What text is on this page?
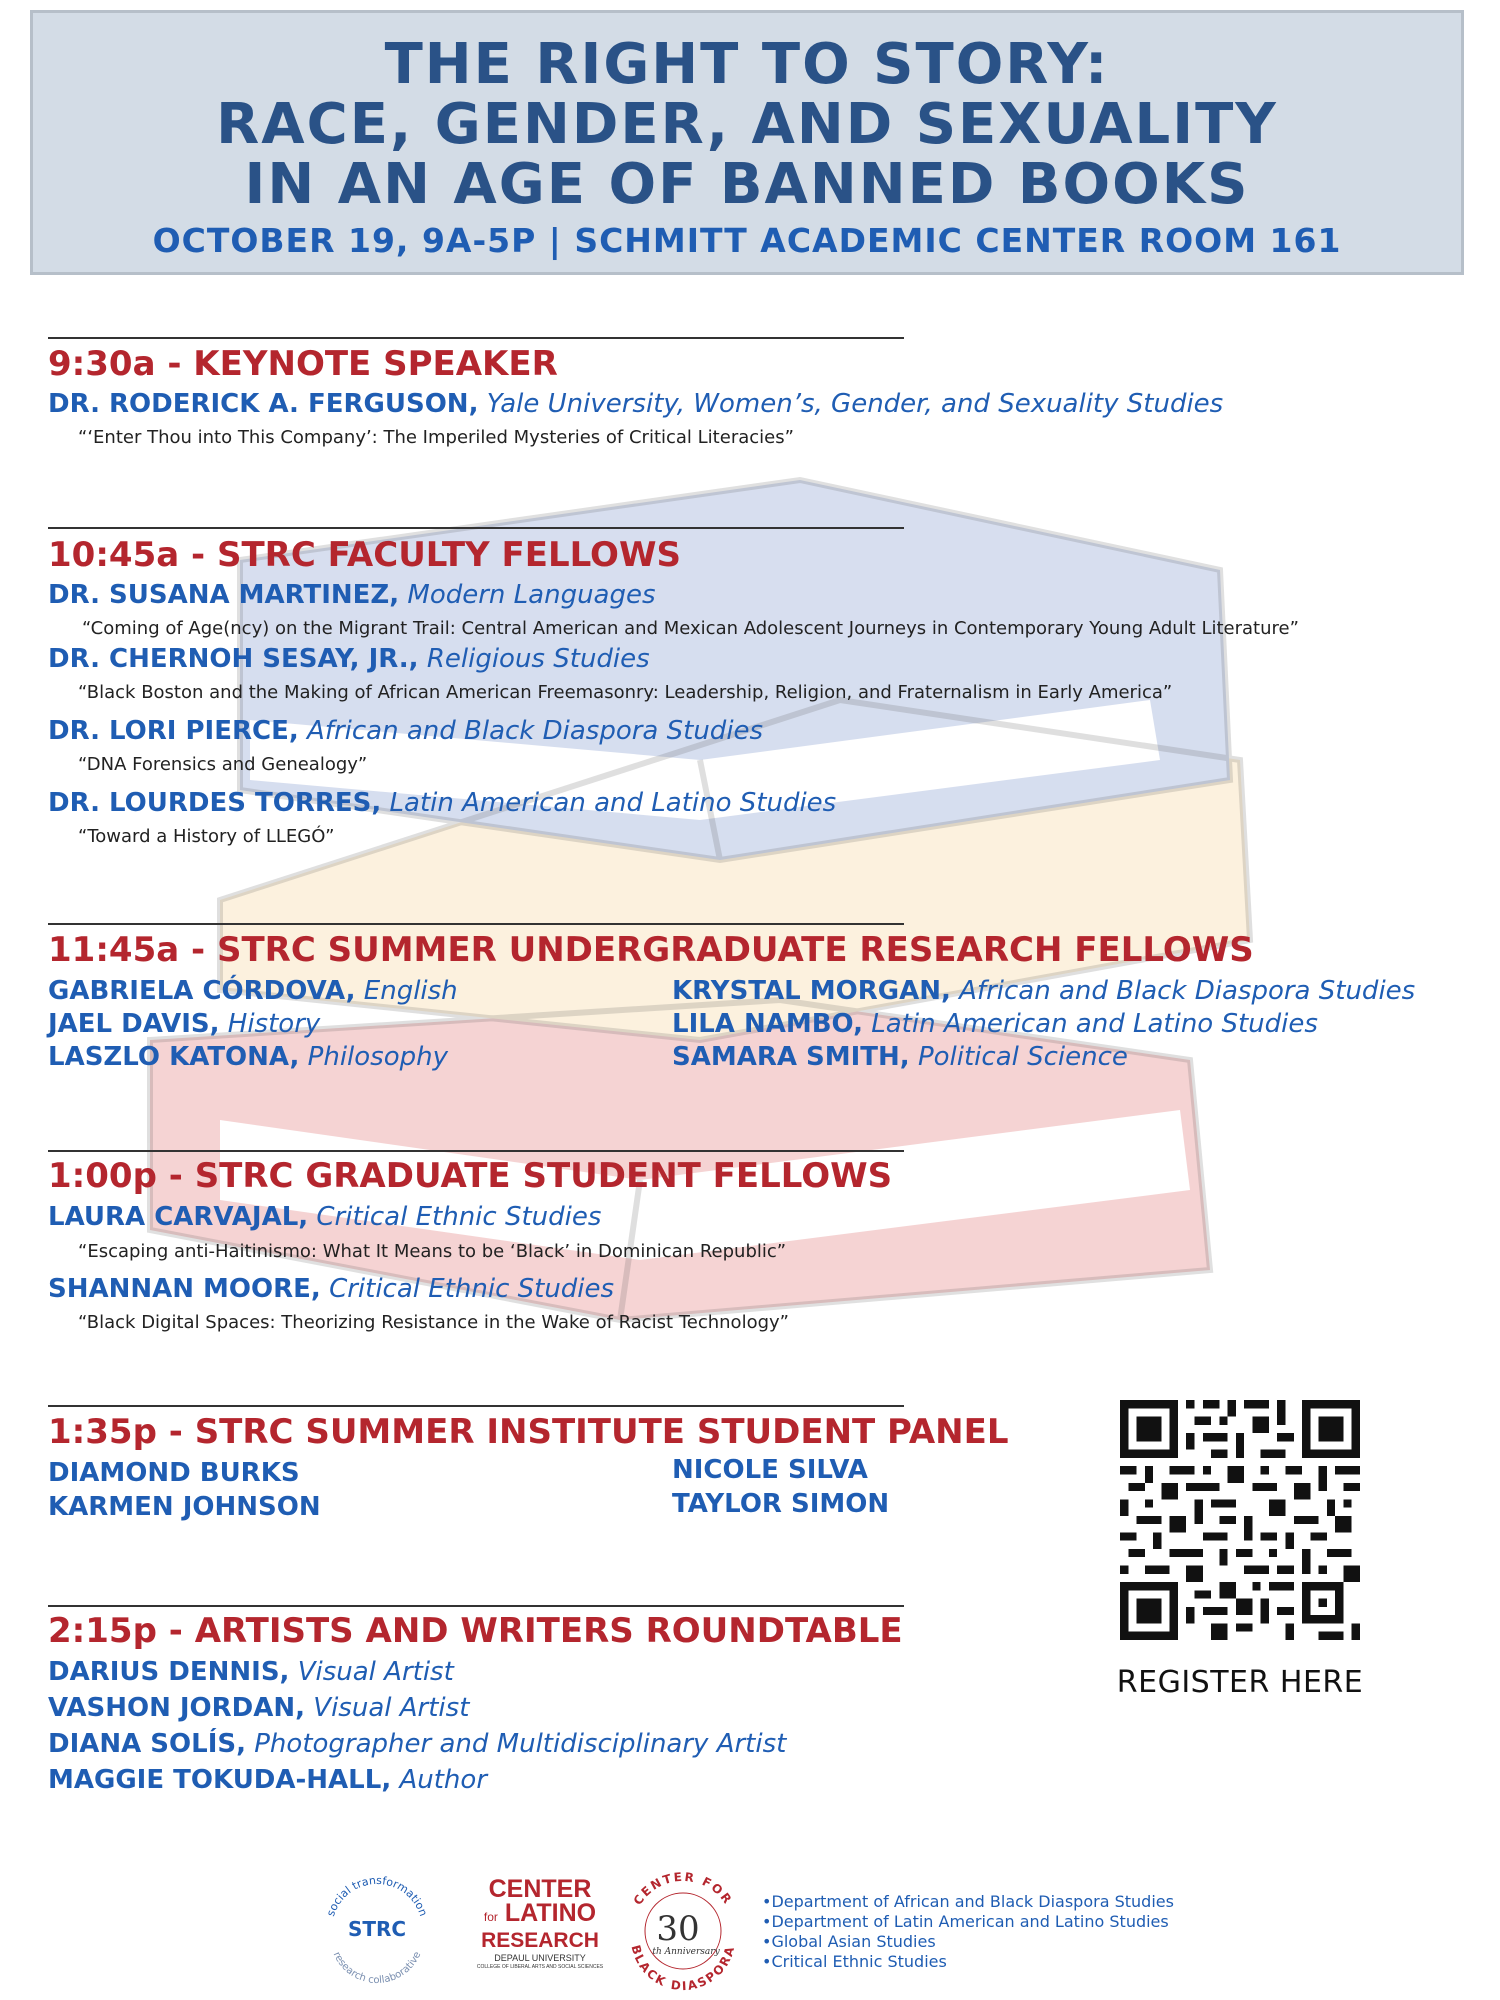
THE RIGHT TO STORY:
RACE, GENDER, AND SEXUALITY
IN AN AGE OF BANNED BOOKS
OCTOBER 19, 9A-5P | SCHMITT ACADEMIC CENTER ROOM 161
9:30a - KEYNOTE SPEAKER
DR. RODERICK A. FERGUSON, Yale University, Women’s, Gender, and Sexuality Studies
“‘Enter Thou into This Company’: The Imperiled Mysteries of Critical Literacies”
10:45a - STRC FACULTY FELLOWS
DR. SUSANA MARTINEZ, Modern Languages
“Coming of Age(ncy) on the Migrant Trail: Central American and Mexican Adolescent Journeys in Contemporary Young Adult Literature”
DR. CHERNOH SESAY, JR., Religious Studies
“Black Boston and the Making of African American Freemasonry: Leadership, Religion, and Fraternalism in Early America”
DR. LORI PIERCE, African and Black Diaspora Studies
“DNA Forensics and Genealogy”
DR. LOURDES TORRES, Latin American and Latino Studies
“Toward a History of LLEGÓ”
11:45a - STRC SUMMER UNDERGRADUATE RESEARCH FELLOWS
GABRIELA CÓRDOVA, English
JAEL DAVIS, History
LASZLO KATONA, Philosophy
KRYSTAL MORGAN, African and Black Diaspora Studies
LILA NAMBO, Latin American and Latino Studies
SAMARA SMITH, Political Science
1:00p - STRC GRADUATE STUDENT FELLOWS
LAURA CARVAJAL, Critical Ethnic Studies
“Escaping anti-Haitinismo: What It Means to be ‘Black’ in Dominican Republic”
SHANNAN MOORE, Critical Ethnic Studies
“Black Digital Spaces: Theorizing Resistance in the Wake of Racist Technology”
1:35p - STRC SUMMER INSTITUTE STUDENT PANEL
DIAMOND BURKS
KARMEN JOHNSON
NICOLE SILVA
TAYLOR SIMON
2:15p - ARTISTS AND WRITERS ROUNDTABLE
DARIUS DENNIS, Visual Artist
VASHON JORDAN, Visual Artist
DIANA SOLÍS, Photographer and Multidisciplinary Artist
MAGGIE TOKUDA-HALL, Author
REGISTER HERE
social transformation
research collaborative
STRC
CENTER
for LATINO
RESEARCH
DEPAUL UNIVERSITY
COLLEGE OF LIBERAL ARTS AND SOCIAL SCIENCES
CENTER FOR
BLACK DIASPORA
30
th Anniversary
• Department of African and Black Diaspora Studies
• Department of Latin American and Latino Studies
• Global Asian Studies
• Critical Ethnic Studies
